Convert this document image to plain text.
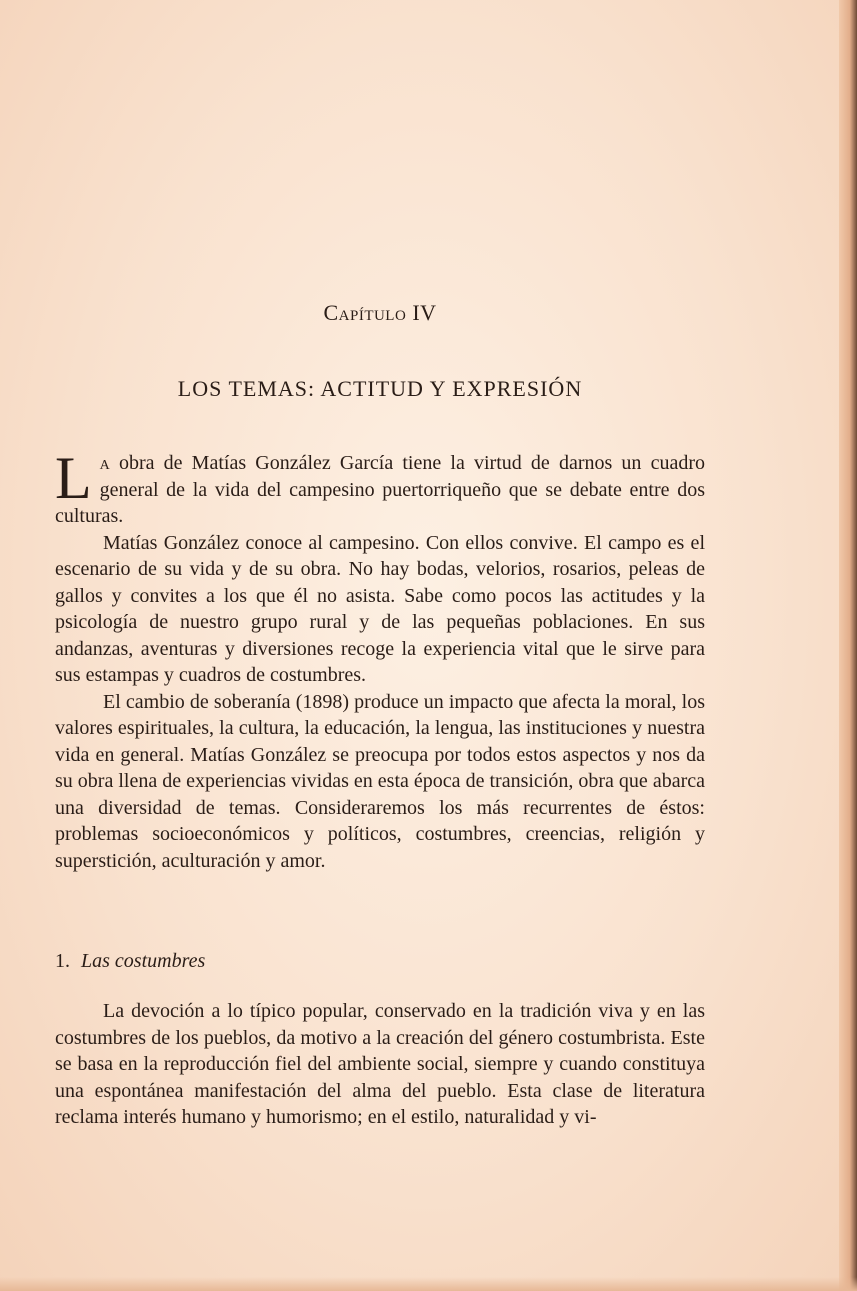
Capítulo IV
LOS TEMAS: ACTITUD Y EXPRESIÓN

La obra de Matías González García tiene la virtud de darnos un cuadro general de la vida del campesino puertorriqueño que se debate entre dos culturas.

Matías González conoce al campesino. Con ellos convive. El campo es el escenario de su vida y de su obra. No hay bodas, velorios, rosarios, peleas de gallos y convites a los que él no asista. Sabe como pocos las actitudes y la psicología de nuestro grupo rural y de las pequeñas poblaciones. En sus andanzas, aventuras y diversiones recoge la experiencia vital que le sirve para sus estampas y cuadros de costumbres.

El cambio de soberanía (1898) produce un impacto que afecta la moral, los valores espirituales, la cultura, la educación, la lengua, las instituciones y nuestra vida en general. Matías González se preocupa por todos estos aspectos y nos da su obra llena de experiencias vividas en esta época de transición, obra que abarca una diversidad de temas. Consideraremos los más recurrentes de éstos: problemas socioeconómicos y políticos, costumbres, creencias, religión y superstición, aculturación y amor.

1. Las costumbres

La devoción a lo típico popular, conservado en la tradición viva y en las costumbres de los pueblos, da motivo a la creación del género costumbrista. Este se basa en la reproducción fiel del ambiente social, siempre y cuando constituya una espontánea manifestación del alma del pueblo. Esta clase de literatura reclama interés humano y humorismo; en el estilo, naturalidad y vi-
